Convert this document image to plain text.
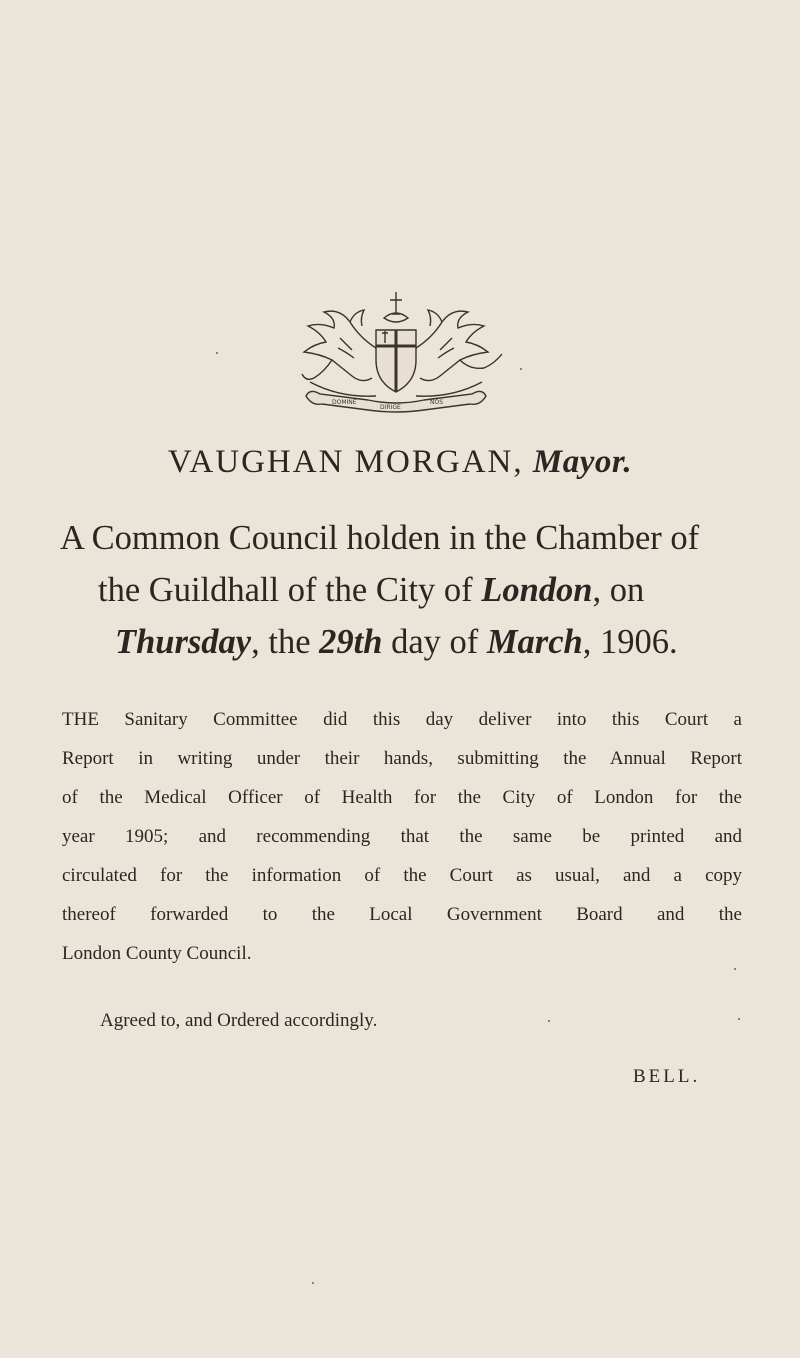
DOMINE
DIRIGE
NOS
VAUGHAN MORGAN, Mayor.
A Common Council holden in the Chamber of
the Guildhall of the City of London, on
Thursday, the 29th day of March, 1906.
THE Sanitary Committee did this day deliver into this Court a
Report in writing under their hands, submitting the Annual Report
of the Medical Officer of Health for the City of London for the
year 1905; and recommending that the same be printed and
circulated for the information of the Court as usual, and a copy
thereof forwarded to the Local Government Board and the
London County Council.
Agreed to, and Ordered accordingly.
BELL.
